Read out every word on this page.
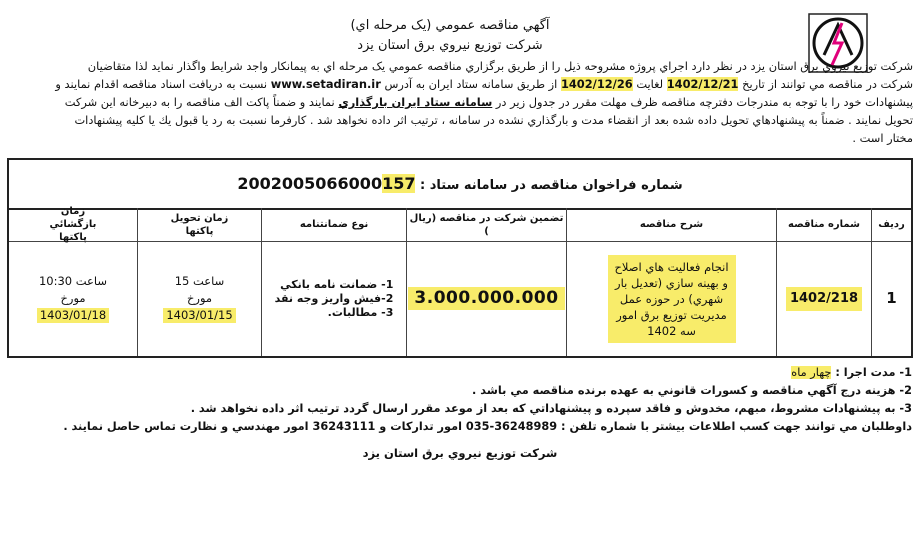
آگهي مناقصه عمومي (يک مرحله اي)
شرکت توزيع نيروي برق استان يزد
شرکت توزيع نيروي برق استان يزد در نظر دارد اجراي پروژه مشروحه ذيل را از طريق برگزاري مناقصه عمومي يک مرحله اي به پيمانکار واجد شرايط واگذار نمايد لذا متقاضيان
شرکت در مناقصه مي توانند از تاريخ 1402/12/21 لغايت 1402/12/26 از طريق سامانه ستاد ايران به آدرس www.setadiran.ir نسبت به دريافت اسناد مناقصه اقدام نمايند و
پيشنهادات خود را با توجه به مندرجات دفترچه مناقصه ظرف مهلت مقرر در جدول زير در سامانه ستاد ايران بارگذاري نمايند و ضمناً پاکت الف مناقصه را به دبيرخانه اين شرکت
تحويل نمايند . ضمناً به پيشنهادهاي تحويل داده شده بعد از انقضاء مدت و بارگذاري نشده در سامانه ، ترتيب اثر داده نخواهد شد . کارفرما نسبت به رد يا قبول يك يا کليه پيشنهادات
مختار است .
شماره فراخوان مناقصه در سامانه ستاد : 2002005066000157
رديف
1
شماره مناقصه
1402/218
شرح مناقصه
انجام فعاليت هاي اصلاح و بهينه سازي (تعديل بار شهري) در حوزه عمل مديريت توزيع برق امور سه 1402
تضمين شرکت در مناقصه (ريال )
3.000.000.000
نوع ضمانتنامه
1- ضمانت نامه بانكي
2-فيش واريز وجه نقد
3- مطالبات.
زمان تحويل پاکتها
ساعت 15
مورخ
1403/01/15
زمان بازگشائي پاکتها
ساعت 10:30
مورخ
1403/01/18
1- مدت اجرا : چهار ماه
2- هزينه درج آگهي مناقصه و کسورات قانوني به عهده برنده مناقصه مي باشد .
3- به پيشنهادات مشروط، مبهم، مخدوش و فاقد سپرده و پيشنهاداتي که بعد از موعد مقرر ارسال گردد ترتيب اثر داده نخواهد شد .
داوطلبان مي توانند جهت کسب اطلاعات بيشتر با شماره تلفن : 36248989-035 امور تداركات و 36243111 امور مهندسي و نظارت تماس حاصل نمايند .
شرکت توزيع نيروي برق استان يزد
